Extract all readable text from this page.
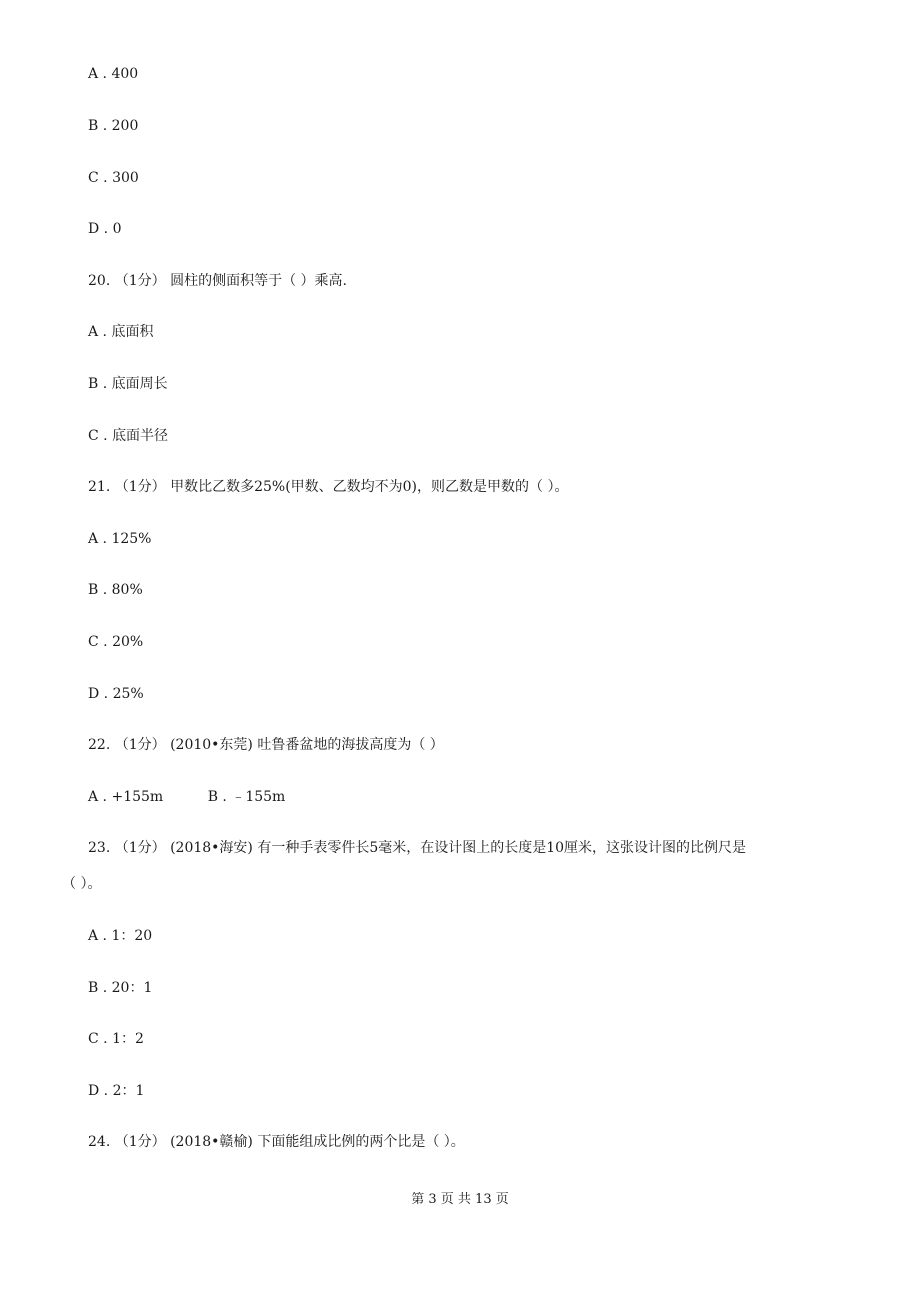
A . 400
B . 200
C . 300
D . 0
20. （1分） 圆柱的侧面积等于（ ）乘高.
A . 底面积
B . 底面周长
C . 底面半径
21. （1分） 甲数比乙数多25%(甲数、乙数均不为0)，则乙数是甲数的（ ）。
A . 125%
B . 80%
C . 20%
D . 25%
22. （1分） (2010•东莞) 吐鲁番盆地的海拔高度为（ ）
A . +155m          B . ﹣155m
23. （1分） (2018•海安) 有一种手表零件长5毫米，在设计图上的长度是10厘米，这张设计图的比例尺是
（ ）。
A . 1：20
B . 20：1
C . 1：2
D . 2：1
24. （1分） (2018•赣榆) 下面能组成比例的两个比是（ ）。
第 3 页 共 13 页
